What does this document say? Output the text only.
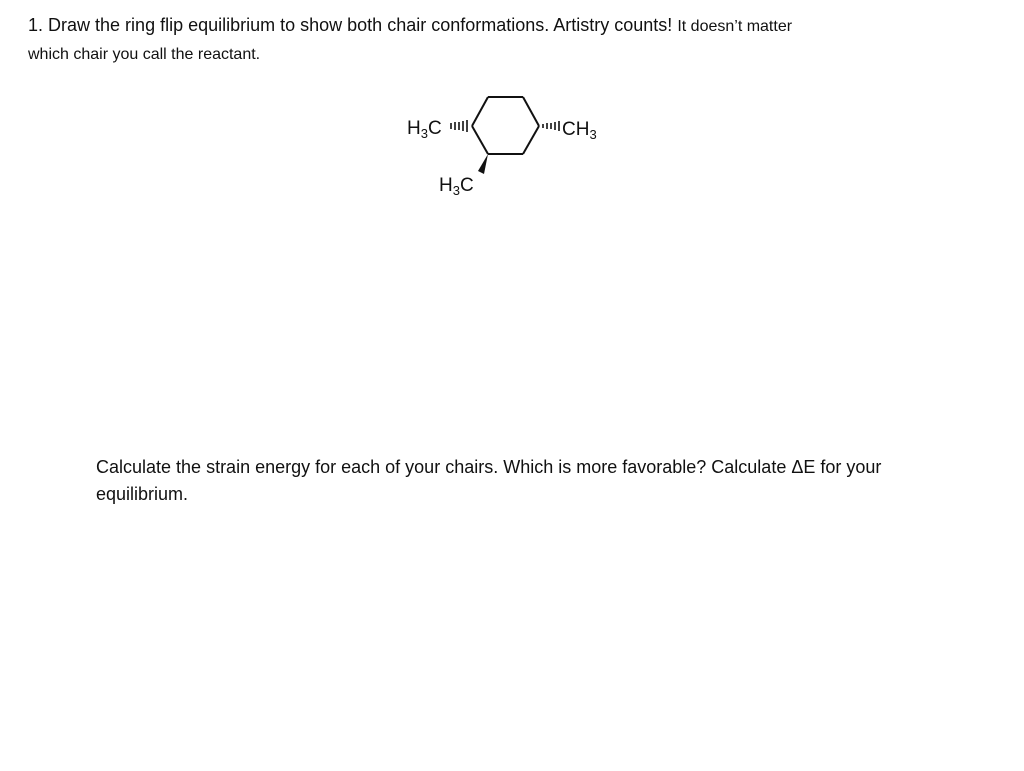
1. Draw the ring flip equilibrium to show both chair conformations. Artistry counts! It doesn’t matter
which chair you call the reactant.
$H_3C$	$CH_3$
$H_3C$
Calculate the strain energy for each of your chairs. Which is more favorable? Calculate ΔE for your equilibrium.
